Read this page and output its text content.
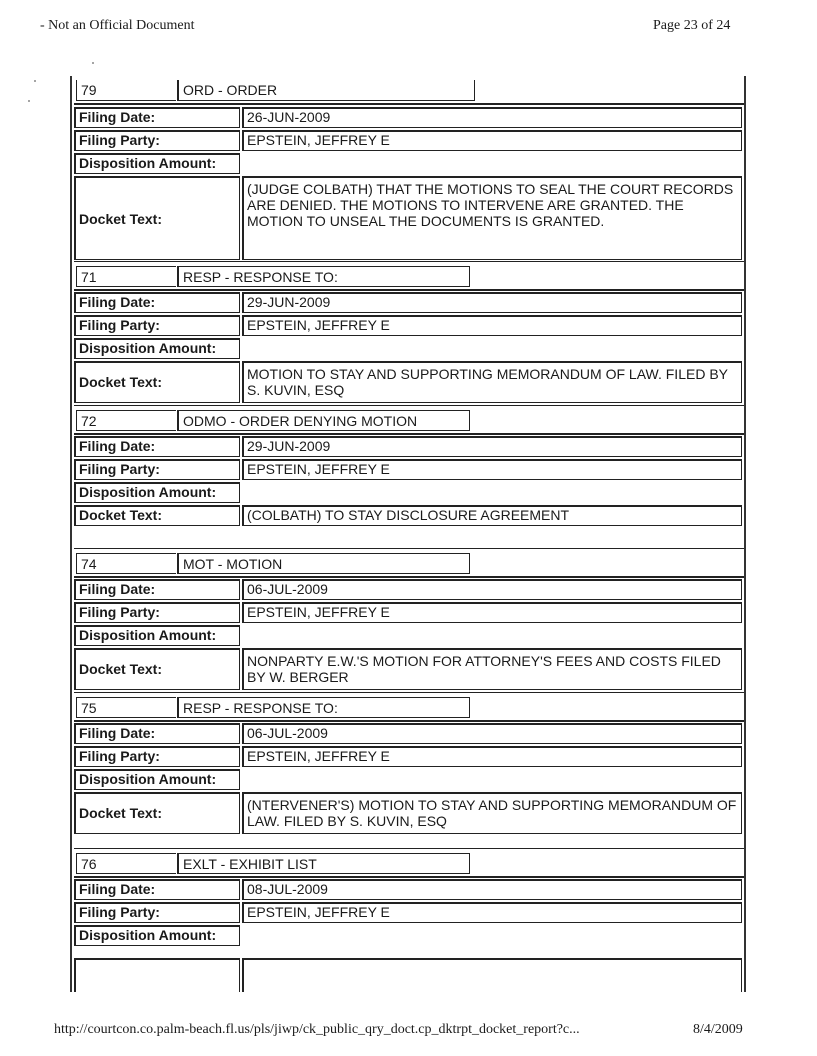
- Not an Official Document	Page 23 of 24
79	ORD - ORDER
Filing Date:	26-JUN-2009
Filing Party:	EPSTEIN, JEFFREY E
Disposition Amount:
Docket Text:
(JUDGE COLBATH) THAT THE MOTIONS TO SEAL THE COURT RECORDS ARE DENIED. THE MOTIONS TO INTERVENE ARE GRANTED. THE MOTION TO UNSEAL THE DOCUMENTS IS GRANTED.
71	RESP - RESPONSE TO:
Filing Date:	29-JUN-2009
Filing Party:	EPSTEIN, JEFFREY E
Disposition Amount:
Docket Text:	MOTION TO STAY AND SUPPORTING MEMORANDUM OF LAW. FILED BY S. KUVIN, ESQ
72	ODMO - ORDER DENYING MOTION
Filing Date:	29-JUN-2009
Filing Party:	EPSTEIN, JEFFREY E
Disposition Amount:
Docket Text:	(COLBATH) TO STAY DISCLOSURE AGREEMENT
74	MOT - MOTION
Filing Date:	06-JUL-2009
Filing Party:	EPSTEIN, JEFFREY E
Disposition Amount:
Docket Text:	NONPARTY E.W.'S MOTION FOR ATTORNEY'S FEES AND COSTS FILED BY W. BERGER
75	RESP - RESPONSE TO:
Filing Date:	06-JUL-2009
Filing Party:	EPSTEIN, JEFFREY E
Disposition Amount:
Docket Text:	(NTERVENER'S) MOTION TO STAY AND SUPPORTING MEMORANDUM OF LAW. FILED BY S. KUVIN, ESQ
76	EXLT - EXHIBIT LIST
Filing Date:	08-JUL-2009
Filing Party:	EPSTEIN, JEFFREY E
Disposition Amount:
http://courtcon.co.palm-beach.fl.us/pls/jiwp/ck_public_qry_doct.cp_dktrpt_docket_report?c...	8/4/2009
